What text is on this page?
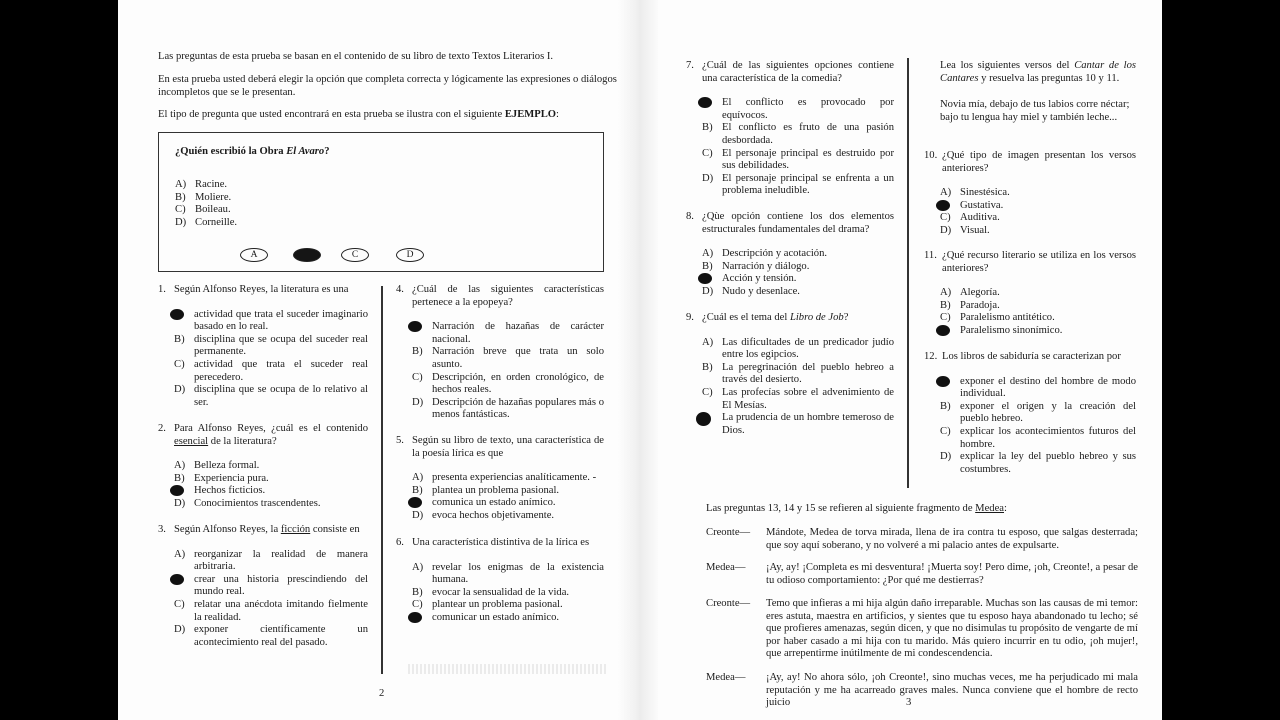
Las preguntas de esta prueba se basan en el contenido de su libro de texto Textos Literarios I.
En esta prueba usted deberá elegir la opción que completa correcta y lógicamente las expresiones o diálogos incompletos que se le presentan.
El tipo de pregunta que usted encontrará en esta prueba se ilustra con el siguiente EJEMPLO:
¿Quién escribió la Obra El Avaro?
A) Racine.
B) Moliere.
C) Boileau.
D) Corneille.
A	C	D
1. Según Alfonso Reyes, la literatura es una
actividad que trata el suceder imaginario basado en lo real.
B) disciplina que se ocupa del suceder real permanente.
C) actividad que trata el suceder real perecedero.
D) disciplina que se ocupa de lo relativo al ser.
2. Para Alfonso Reyes, ¿cuál es el contenido esencial de la literatura?
A) Belleza formal.
B) Experiencia pura.
Hechos ficticios.
D) Conocimientos trascendentes.
3. Según Alfonso Reyes, la ficción consiste en
A) reorganizar la realidad de manera arbitraria.
crear una historia prescindiendo del mundo real.
C) relatar una anécdota imitando fielmente la realidad.
D) exponer científicamente un acontecimiento real del pasado.
4. ¿Cuál de las siguientes características pertenece a la epopeya?
Narración de hazañas de carácter nacional.
B) Narración breve que trata un solo asunto.
C) Descripción, en orden cronológico, de hechos reales.
D) Descripción de hazañas populares más o menos fantásticas.
5. Según su libro de texto, una característica de la poesía lírica es que
A) presenta experiencias analíticamente. -
B) plantea un problema pasional.
comunica un estado anímico.
D) evoca hechos objetivamente.
6. Una característica distintiva de la lírica es
A) revelar los enigmas de la existencia humana.
B) evocar la sensualidad de la vida.
C) plantear un problema pasional.
comunicar un estado anímico.
2
7. ¿Cuál de las siguientes opciones contiene una característica de la comedia?
El conflicto es provocado por equívocos.
B) El conflicto es fruto de una pasión desbordada.
C) El personaje principal es destruido por sus debilidades.
D) El personaje principal se enfrenta a un problema ineludible.
8. ¿Qùe opción contiene los dos elementos estructurales fundamentales del drama?
A) Descripción y acotación.
B) Narración y diálogo.
Acción y tensión.
D) Nudo y desenlace.
9. ¿Cuál es el tema del Libro de Job?
A) Las dificultades de un predicador judío entre los egipcios.
B) La peregrinación del pueblo hebreo a través del desierto.
C) Las profecías sobre el advenimiento de El Mesías.
La prudencia de un hombre temeroso de Dios.
Lea los siguientes versos del Cantar de los Cantares y resuelva las preguntas 10 y 11.
Novia mía, debajo de tus labios corre néctar;
bajo tu lengua hay miel y también leche...
10. ¿Qué tipo de imagen presentan los versos anteriores?
A) Sinestésica.
Gustativa.
C) Auditiva.
D) Visual.
11. ¿Qué recurso literario se utiliza en los versos anteriores?
A) Alegoría.
B) Paradoja.
C) Paralelismo antitético.
Paralelismo sinonímico.
12. Los libros de sabiduría se caracterizan por
exponer el destino del hombre de modo individual.
B) exponer el origen y la creación del pueblo hebreo.
C) explicar los acontecimientos futuros del hombre.
D) explicar la ley del pueblo hebreo y sus costumbres.
Las preguntas 13, 14 y 15 se refieren al siguiente fragmento de Medea:
Creonte—	Mándote, Medea de torva mirada, llena de ira contra tu esposo, que salgas desterrada; que soy aquí soberano, y no volveré a mi palacio antes de expulsarte.
Medea—	¡Ay, ay! ¡Completa es mi desventura! ¡Muerta soy! Pero dime, ¡oh, Creonte!, a pesar de tu odioso comportamiento: ¿Por qué me destierras?
Creonte—	Temo que infieras a mi hija algún daño irreparable. Muchas son las causas de mi temor: eres astuta, maestra en artificios, y sientes que tu esposo haya abandonado tu lecho; sé que profieres amenazas, según dicen, y que no disimulas tu propósito de vengarte de mí por haber casado a mi hija con tu marido. Más quiero incurrir en tu odio, ¡oh mujer!, que arrepentirme inútilmente de mi condescendencia.
Medea—	¡Ay, ay! No ahora sólo, ¡oh Creonte!, sino muchas veces, me ha perjudicado mi mala reputación y me ha acarreado graves males. Nunca conviene que el hombre de recto juicio	3
